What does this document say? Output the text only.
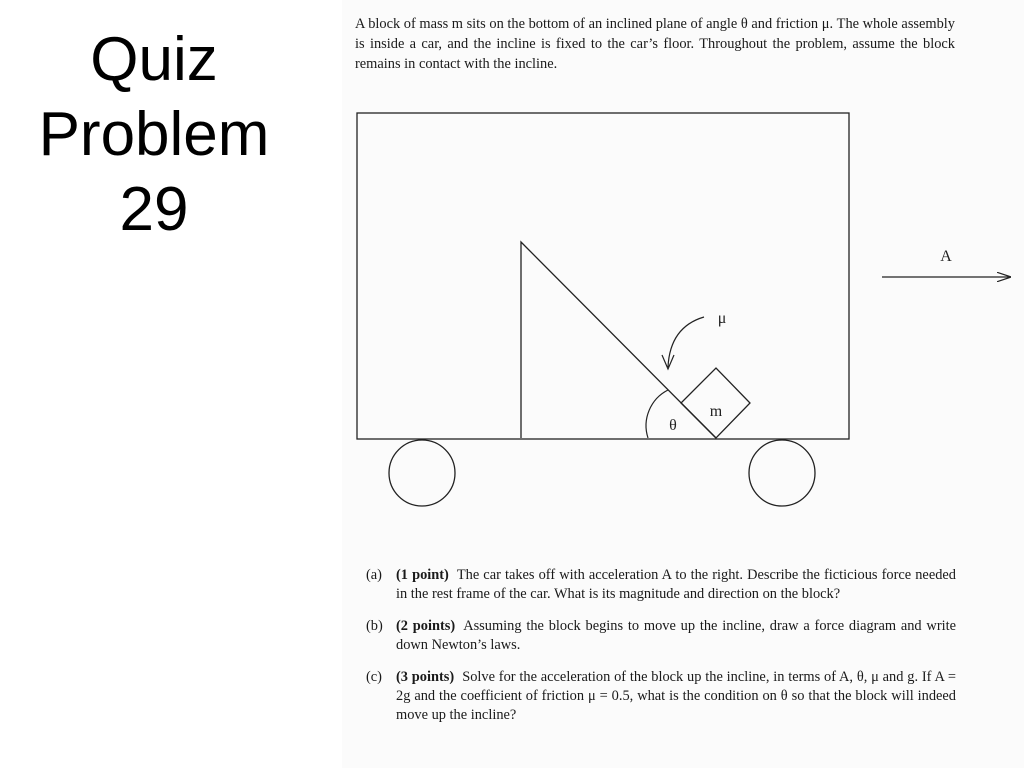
Quiz
Problem
29
A block of mass m sits on the bottom of an inclined plane of angle θ and friction μ. The whole assembly is inside a car, and the incline is fixed to the car’s floor. Throughout the problem, assume the block remains in contact with the incline.
m
θ
μ
A
(a) (1 point) The car takes off with acceleration A to the right. Describe the ficticious force needed in the rest frame of the car. What is its magnitude and direction on the block?
(b) (2 points) Assuming the block begins to move up the incline, draw a force diagram and write down Newton’s laws.
(c) (3 points) Solve for the acceleration of the block up the incline, in terms of A, θ, μ and g. If A = 2g and the coefficient of friction μ = 0.5, what is the condition on θ so that the block will indeed move up the incline?
